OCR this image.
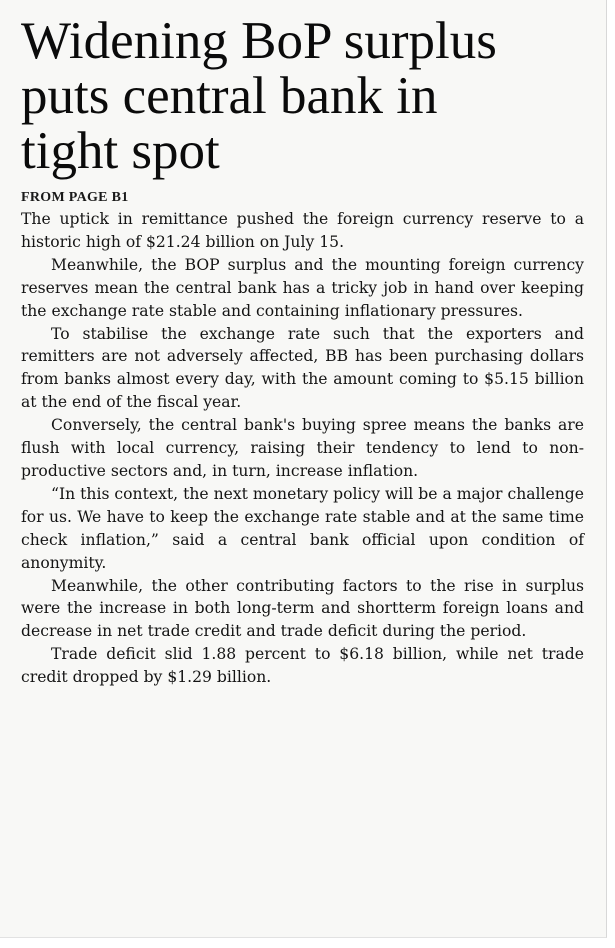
Widening BoP surplus
puts central bank in
tight spot
FROM PAGE B1

The uptick in remittance pushed the foreign currency reserve to a historic high of $21.24 billion on July 15.

Meanwhile, the BOP surplus and the mounting foreign currency reserves mean the central bank has a tricky job in hand over keeping the exchange rate stable and containing inflationary pressures.

To stabilise the exchange rate such that the exporters and remitters are not adversely affected, BB has been purchasing dollars from banks almost every day, with the amount coming to $5.15 billion at the end of the fiscal year.

Conversely, the central bank's buying spree means the banks are flush with local currency, raising their tendency to lend to non-productive sectors and, in turn, increase inflation.

“In this context, the next monetary policy will be a major challenge for us. We have to keep the exchange rate stable and at the same time check inflation,” said a central bank official upon condition of anonymity.

Meanwhile, the other contributing factors to the rise in surplus were the increase in both long-term and shortterm foreign loans and decrease in net trade credit and trade deficit during the period.

Trade deficit slid 1.88 percent to $6.18 billion, while net trade credit dropped by $1.29 billion.
